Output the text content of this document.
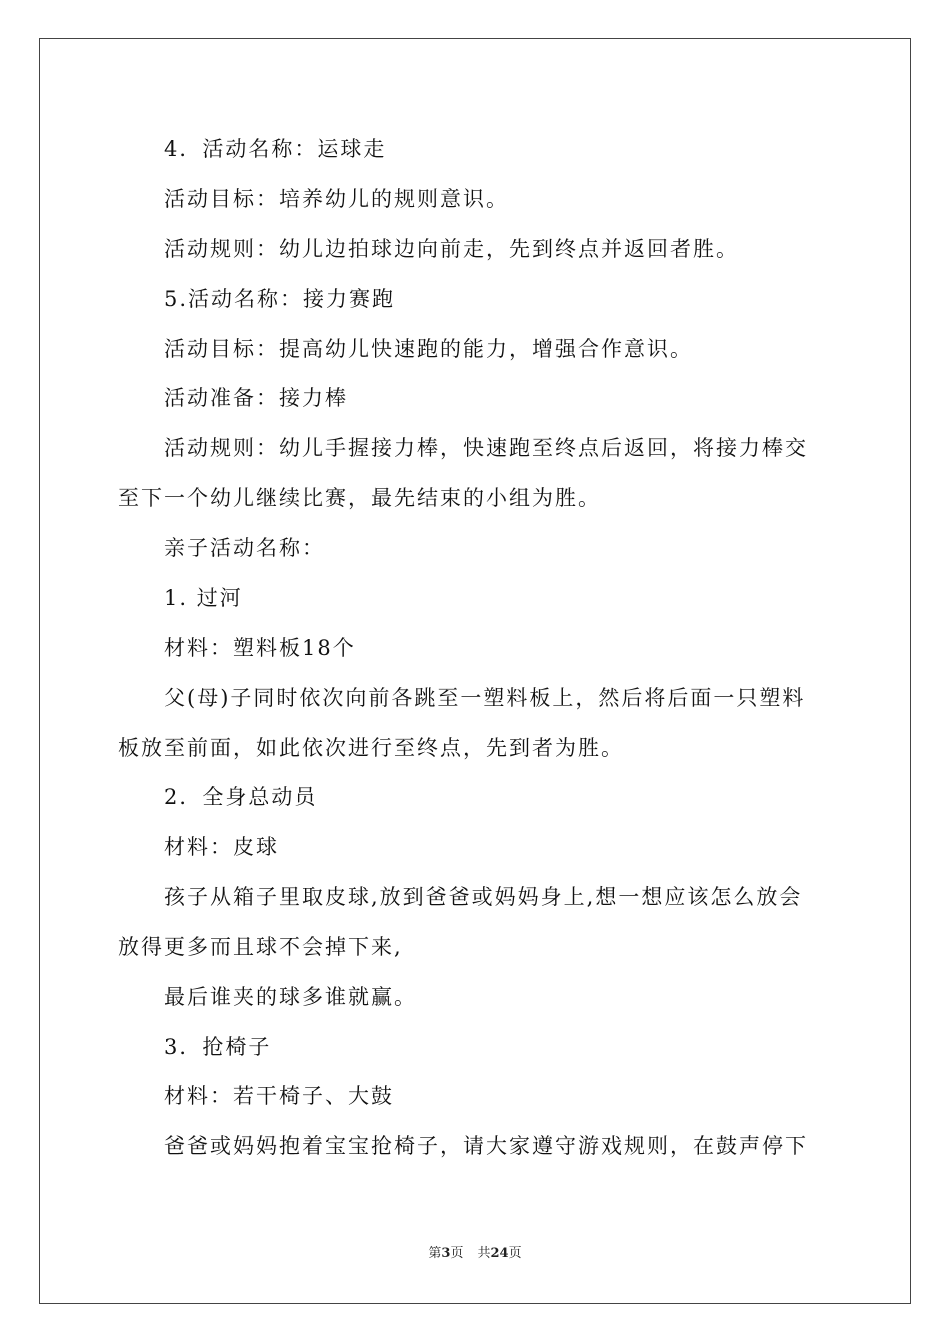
4．活动名称：运球走
活动目标：培养幼儿的规则意识。
活动规则：幼儿边拍球边向前走，先到终点并返回者胜。
5.活动名称：接力赛跑
活动目标：提高幼儿快速跑的能力，增强合作意识。
活动准备：接力棒
活动规则：幼儿手握接力棒，快速跑至终点后返回，将接力棒交
至下一个幼儿继续比赛，最先结束的小组为胜。
亲子活动名称：
1. 过河
材料：塑料板18个
父(母)子同时依次向前各跳至一塑料板上，然后将后面一只塑料
板放至前面，如此依次进行至终点，先到者为胜。
2．全身总动员
材料：皮球
孩子从箱子里取皮球,放到爸爸或妈妈身上,想一想应该怎么放会
放得更多而且球不会掉下来,
最后谁夹的球多谁就赢。
3．抢椅子
材料：若干椅子、大鼓
爸爸或妈妈抱着宝宝抢椅子，请大家遵守游戏规则，在鼓声停下
第3页 共24页
